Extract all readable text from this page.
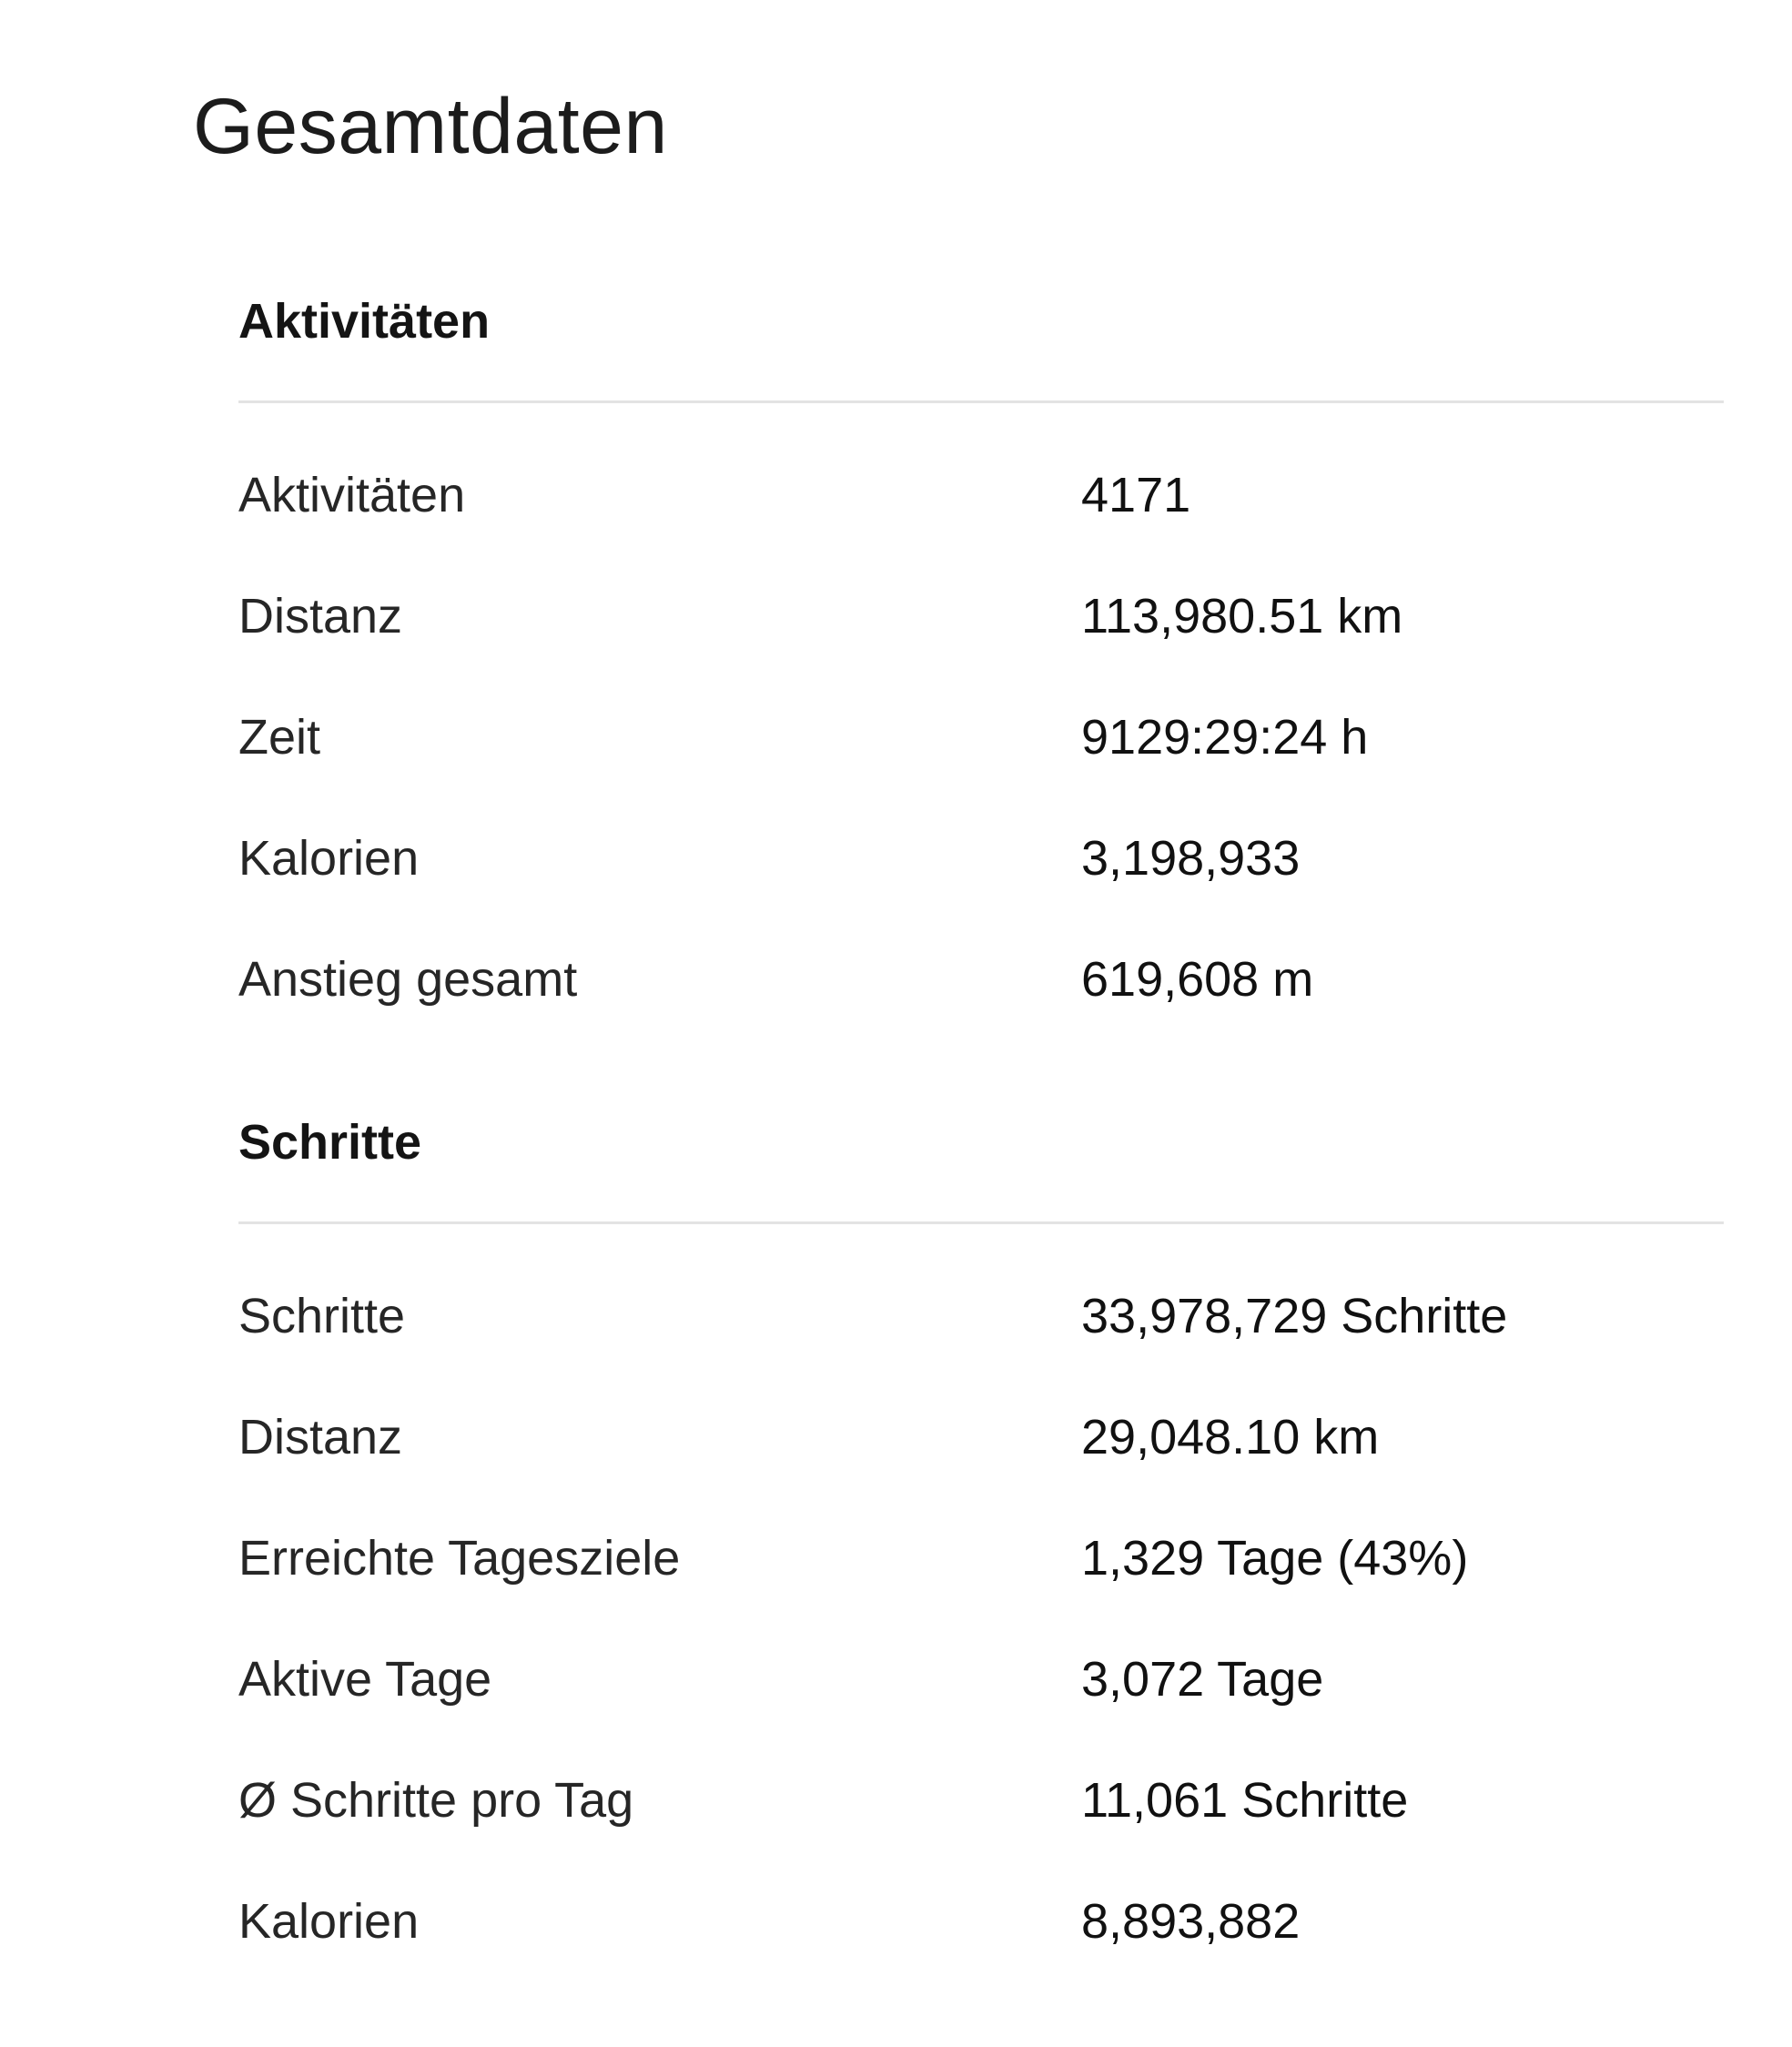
Gesamtdaten
Aktivitäten
Aktivitäten	4171
Distanz	113,980.51 km
Zeit	9129:29:24 h
Kalorien	3,198,933
Anstieg gesamt	619,608 m
Schritte
Schritte	33,978,729 Schritte
Distanz	29,048.10 km
Erreichte Tagesziele	1,329 Tage (43%)
Aktive Tage	3,072 Tage
Ø Schritte pro Tag	11,061 Schritte
Kalorien	8,893,882
